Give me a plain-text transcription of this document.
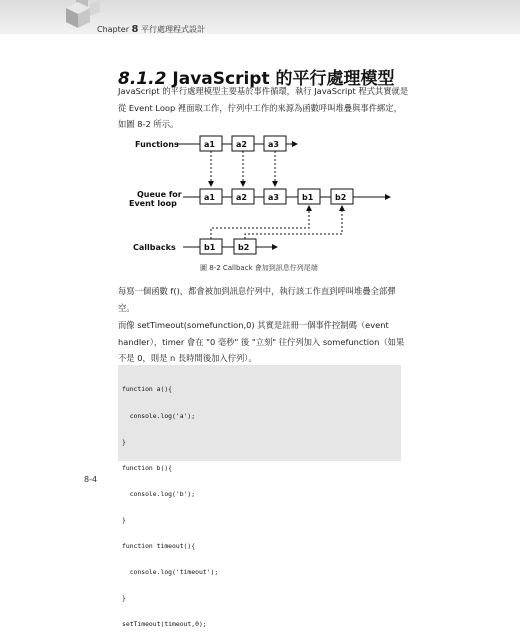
Chapter 8 平行處理程式設計
8.1.2 JavaScript 的平行處理模型
JavaScript 的平行處理模型主要基於事件循環，執行 JavaScript 程式其實就是從 Event Loop 裡面取工作，佇列中工作的來源為函數呼叫堆疊與事件綁定，如圖 8-2 所示。
Functions
Queue for
Event loop
Callbacks
a1	a2	a3
a1	a2	a3	b1	b2
b1	b2
圖 8-2 Callback 會加到訊息佇列尾端
每寫一個函數 f()，都會被加到訊息佇列中，執行該工作直到呼叫堆疊全部彈空。
而像 setTimeout(somefunction,0) 其實是註冊一個事件控制碼（event handler），timer 會在 "0 毫秒" 後 "立刻" 往佇列加入 somefunction（如果不是 0，則是 n 長時間後加入佇列）。

function a(){

console.log('a');

}

function b(){

console.log('b');

}

function timeout(){

console.log('timeout');

}

setTimeout(timeout,0);

8-4
